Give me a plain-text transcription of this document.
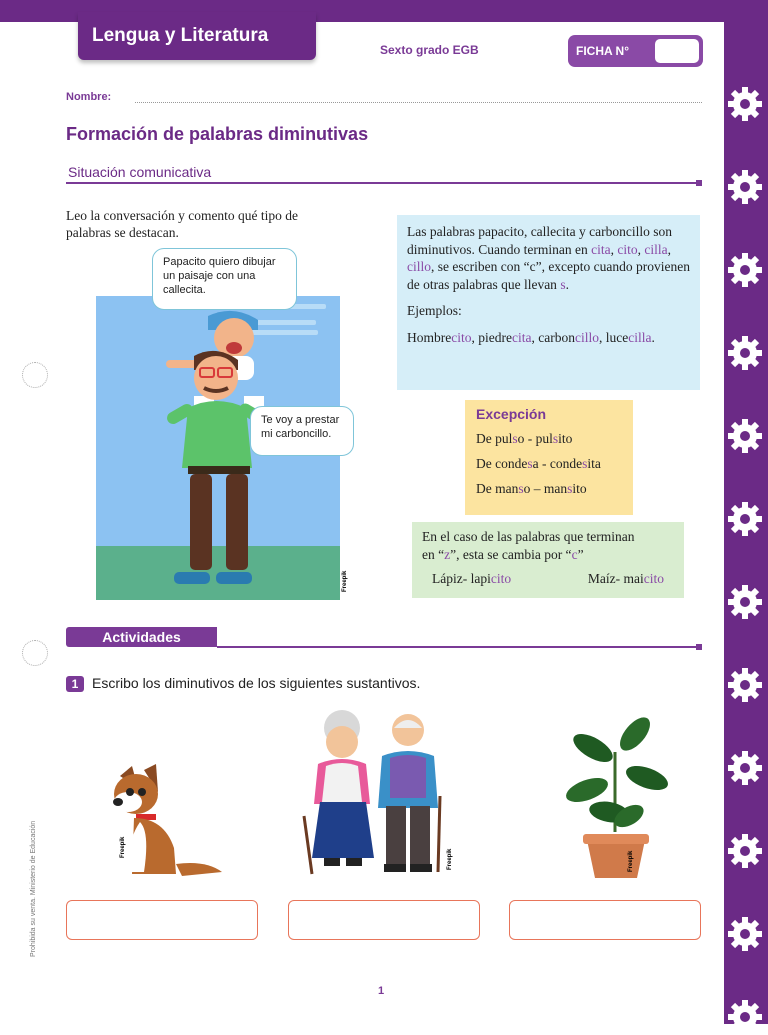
Lengua y Literatura
Sexto grado EGB	FICHA N°
Nombre:
Formación de palabras diminutivas
Situación comunicativa
Leo la conversación y comento qué tipo de palabras se destacan.
Freepik
Papacito quiero dibujar un paisaje con una callecita.
Te voy a prestar mi carboncillo.
Las palabras papacito, callecita y carboncillo son diminutivos. Cuando terminan en cita, cito, cilla, cillo, se escriben con “c”, excepto cuando provienen de otras palabras que llevan s.
Ejemplos:
Hombrecito, piedrecita, carboncillo, lucecilla.
Excepción
De pulso - pulsito
De condesa - condesita
De manso – mansito
En el caso de las palabras que terminan
en “z”, esta se cambia por “c”
Lápiz- lapicito	Maíz- maicito
Actividades
1 Escribo los diminutivos de los siguientes sustantivos.
Freepik
Freepik	Freepik
1
Prohibida su venta. Ministerio de Educación
